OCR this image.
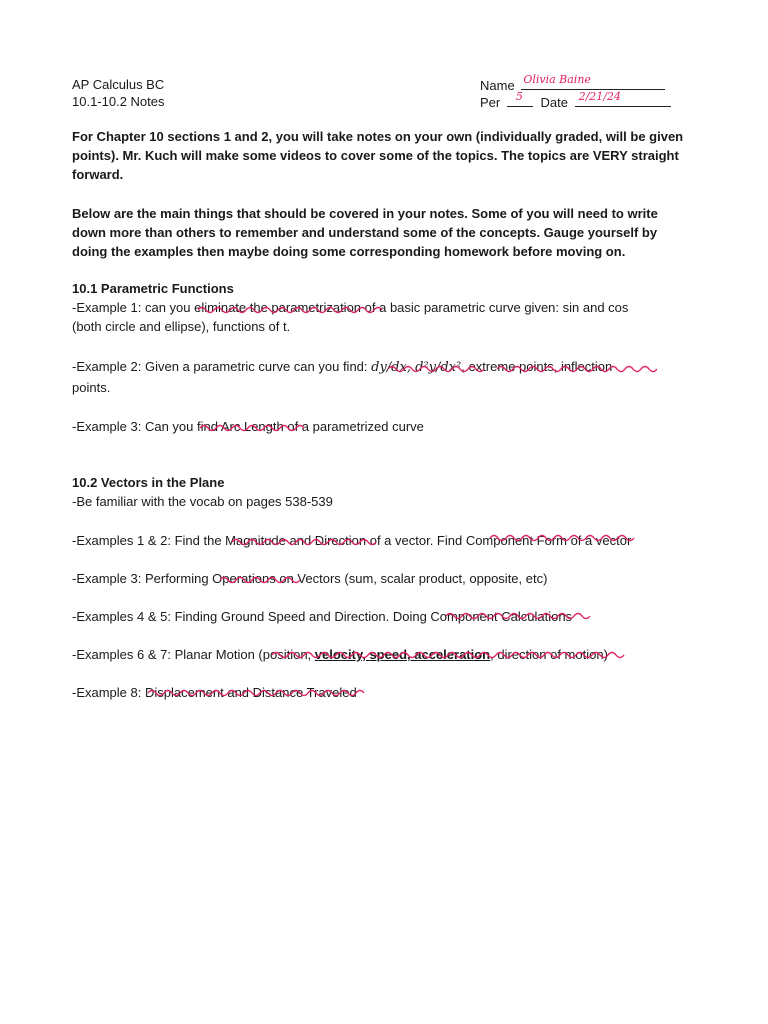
AP Calculus BC
10.1-10.2 Notes
Name Olivia Baine
Per 5 Date 2/21/24
For Chapter 10 sections 1 and 2, you will take notes on your own (individually graded, will be given
points). Mr. Kuch will make some videos to cover some of the topics. The topics are VERY straight
forward.
Below are the main things that should be covered in your notes. Some of you will need to write
down more than others to remember and understand some of the concepts. Gauge yourself by
doing the examples then maybe doing some corresponding homework before moving on.
10.1 Parametric Functions
-Example 1: can you eliminate the parametrization of a basic parametric curve given: sin and cos
(both circle and ellipse), functions of t.
-Example 2: Given a parametric curve can you find: dy/dx, d²y/dx², extreme points, inflection
points.
-Example 3: Can you find Arc Length of a parametrized curve
10.2 Vectors in the Plane
-Be familiar with the vocab on pages 538-539
-Examples 1 & 2: Find the Magnitude and Direction of a vector. Find Component Form of a vector
-Example 3: Performing Operations on Vectors (sum, scalar product, opposite, etc)
-Examples 4 & 5: Finding Ground Speed and Direction. Doing Component Calculations
-Examples 6 & 7: Planar Motion (position, velocity, speed, acceleration, direction of motion)
-Example 8: Displacement and Distance Traveled
